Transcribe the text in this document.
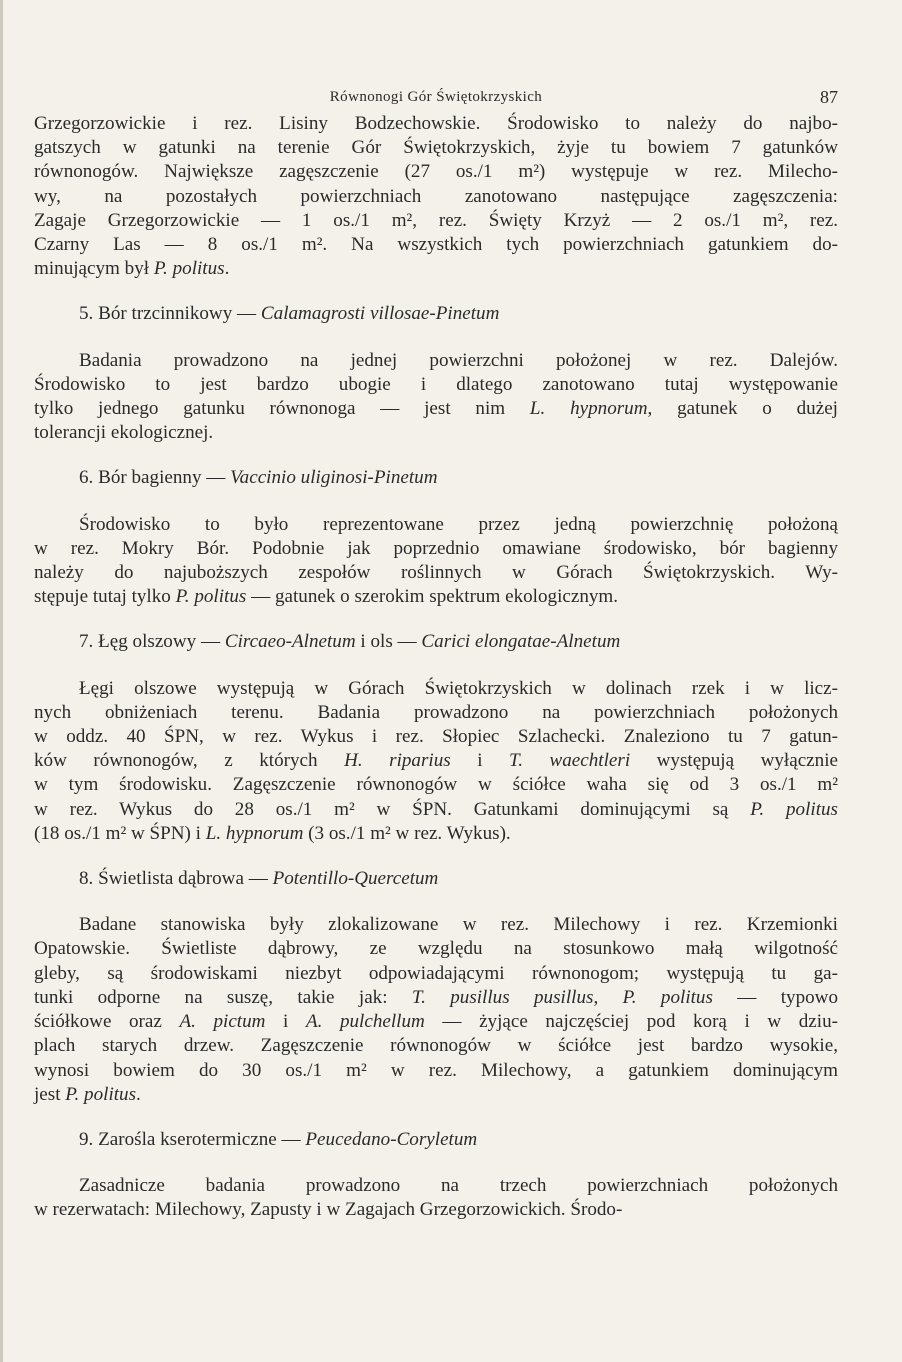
Równonogi Gór Świętokrzyskich	87

Grzegorzowickie i rez. Lisiny Bodzechowskie. Środowisko to należy do najbo-

gatszych w gatunki na terenie Gór Świętokrzyskich, żyje tu bowiem 7 gatunków

równonogów. Największe zagęszczenie (27 os./1 m²) występuje w rez. Milecho-

wy, na pozostałych powierzchniach zanotowano następujące zagęszczenia:

Zagaje Grzegorzowickie — 1 os./1 m², rez. Święty Krzyż — 2 os./1 m², rez.

Czarny Las — 8 os./1 m². Na wszystkich tych powierzchniach gatunkiem do-

minującym był P. politus.

5. Bór trzcinnikowy — Calamagrosti villosae-Pinetum

Badania prowadzono na jednej powierzchni położonej w rez. Dalejów.

Środowisko to jest bardzo ubogie i dlatego zanotowano tutaj występowanie

tylko jednego gatunku równonoga — jest nim L. hypnorum, gatunek o dużej

tolerancji ekologicznej.

6. Bór bagienny — Vaccinio uliginosi-Pinetum

Środowisko to było reprezentowane przez jedną powierzchnię położoną

w rez. Mokry Bór. Podobnie jak poprzednio omawiane środowisko, bór bagienny

należy do najuboższych zespołów roślinnych w Górach Świętokrzyskich. Wy-

stępuje tutaj tylko P. politus — gatunek o szerokim spektrum ekologicznym.

7. Łęg olszowy — Circaeo-Alnetum i ols — Carici elongatae-Alnetum

Łęgi olszowe występują w Górach Świętokrzyskich w dolinach rzek i w licz-

nych obniżeniach terenu. Badania prowadzono na powierzchniach położonych

w oddz. 40 ŚPN, w rez. Wykus i rez. Słopiec Szlachecki. Znaleziono tu 7 gatun-

ków równonogów, z których H. riparius i T. waechtleri występują wyłącznie

w tym środowisku. Zagęszczenie równonogów w ściółce waha się od 3 os./1 m²

w rez. Wykus do 28 os./1 m² w ŚPN. Gatunkami dominującymi są P. politus

(18 os./1 m² w ŚPN) i L. hypnorum (3 os./1 m² w rez. Wykus).

8. Świetlista dąbrowa — Potentillo-Quercetum

Badane stanowiska były zlokalizowane w rez. Milechowy i rez. Krzemionki

Opatowskie. Świetliste dąbrowy, ze względu na stosunkowo małą wilgotność

gleby, są środowiskami niezbyt odpowiadającymi równonogom; występują tu ga-

tunki odporne na suszę, takie jak: T. pusillus pusillus, P. politus — typowo

ściółkowe oraz A. pictum i A. pulchellum — żyjące najczęściej pod korą i w dziu-

plach starych drzew. Zagęszczenie równonogów w ściółce jest bardzo wysokie,

wynosi bowiem do 30 os./1 m² w rez. Milechowy, a gatunkiem dominującym

jest P. politus.

9. Zarośla kserotermiczne — Peucedano-Coryletum

Zasadnicze badania prowadzono na trzech powierzchniach położonych

w rezerwatach: Milechowy, Zapusty i w Zagajach Grzegorzowickich. Środo-
